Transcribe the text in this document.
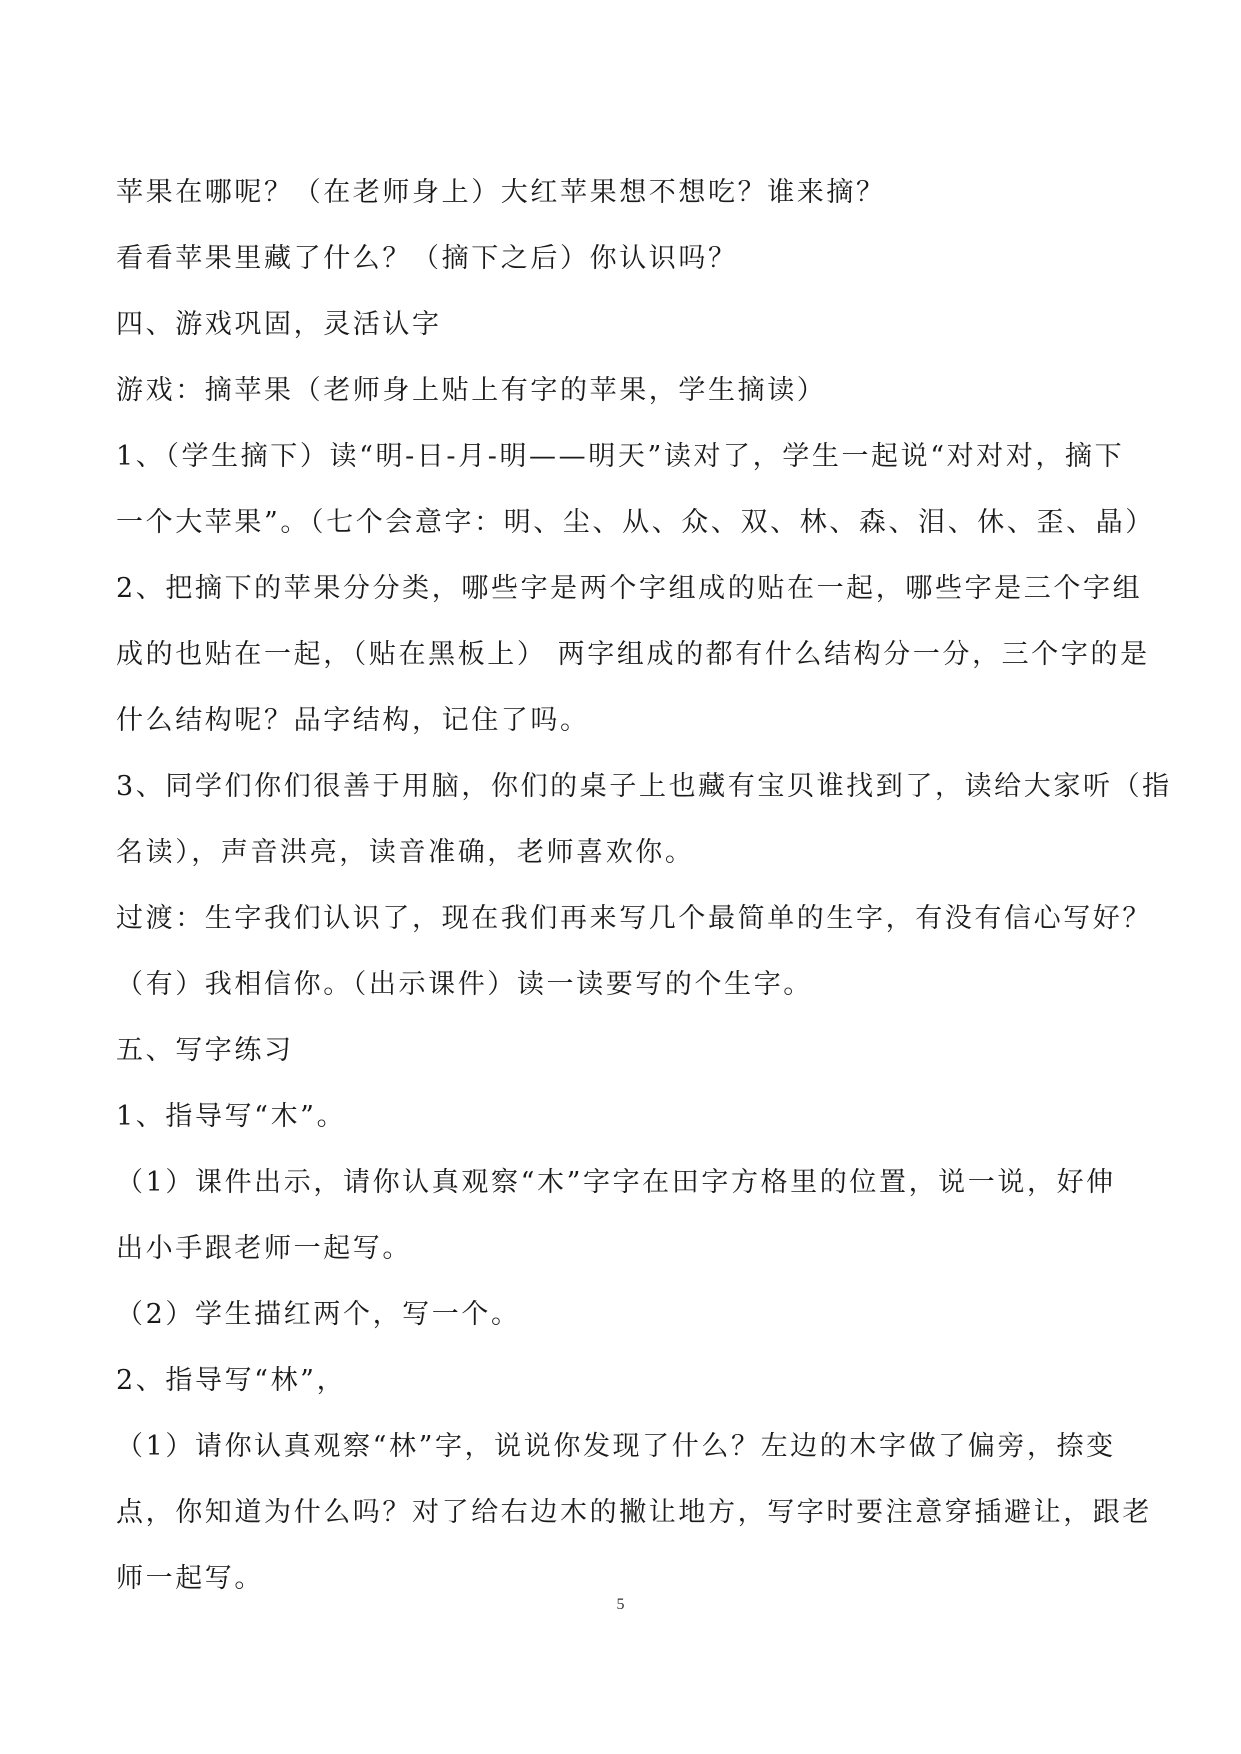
苹果在哪呢？（在老师身上）大红苹果想不想吃？谁来摘？
看看苹果里藏了什么？（摘下之后）你认识吗？
四、游戏巩固，灵活认字
游戏：摘苹果（老师身上贴上有字的苹果，学生摘读）
1、（学生摘下）读“明-日-月-明——明天”读对了，学生一起说“对对对，摘下
一个大苹果”。（七个会意字：明、尘、从、众、双、林、森、泪、休、歪、晶）
2、把摘下的苹果分分类，哪些字是两个字组成的贴在一起，哪些字是三个字组
成的也贴在一起，（贴在黑板上） 两字组成的都有什么结构分一分，三个字的是
什么结构呢？品字结构，记住了吗。
3、同学们你们很善于用脑，你们的桌子上也藏有宝贝谁找到了，读给大家听（指
名读），声音洪亮，读音准确，老师喜欢你。
过渡：生字我们认识了，现在我们再来写几个最简单的生字，有没有信心写好？
（有）我相信你。（出示课件）读一读要写的个生字。
五、写字练习
1、指导写“木”。
（1）课件出示，请你认真观察“木”字字在田字方格里的位置，说一说，好伸
出小手跟老师一起写。
（2）学生描红两个，写一个。
2、指导写“林”，
（1）请你认真观察“林”字，说说你发现了什么？左边的木字做了偏旁，捺变
点，你知道为什么吗？对了给右边木的撇让地方，写字时要注意穿插避让，跟老
师一起写。
5
